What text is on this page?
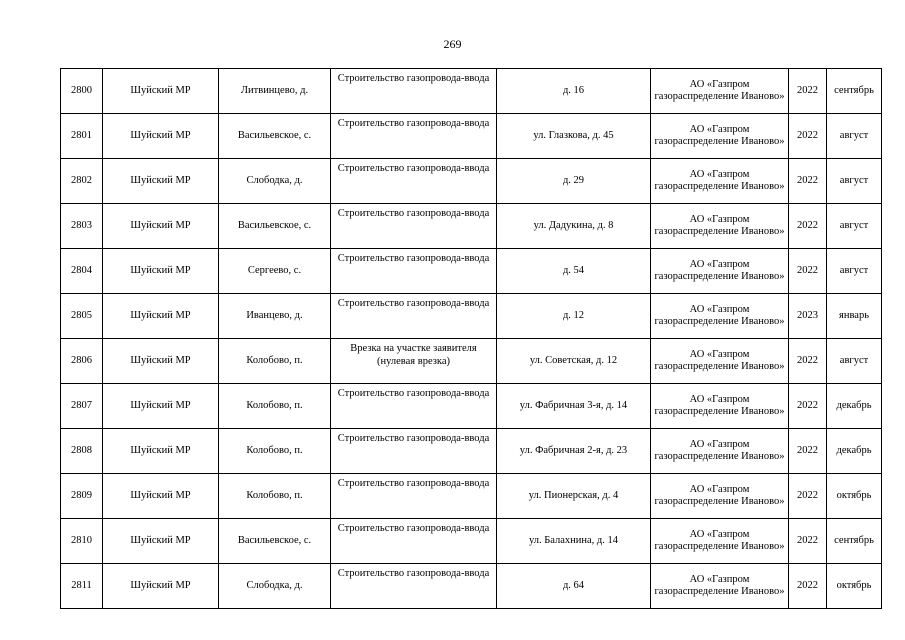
269
2800	Шуйский МР	Литвинцево, д.	Строительство газопровода-ввода	д. 16	АО «Газпром газораспределение Иваново»	2022	сентябрь
2801	Шуйский МР	Васильевское, с.	Строительство газопровода-ввода	ул. Глазкова, д. 45	АО «Газпром газораспределение Иваново»	2022	август
2802	Шуйский МР	Слободка, д.	Строительство газопровода-ввода	д. 29	АО «Газпром газораспределение Иваново»	2022	август
2803	Шуйский МР	Васильевское, с.	Строительство газопровода-ввода	ул. Дадукина, д. 8	АО «Газпром газораспределение Иваново»	2022	август
2804	Шуйский МР	Сергеево, с.	Строительство газопровода-ввода	д. 54	АО «Газпром газораспределение Иваново»	2022	август
2805	Шуйский МР	Иванцево, д.	Строительство газопровода-ввода	д. 12	АО «Газпром газораспределение Иваново»	2023	январь
2806	Шуйский МР	Колобово, п.	Врезка на участке заявителя (нулевая врезка)	ул. Советская, д. 12	АО «Газпром газораспределение Иваново»	2022	август
2807	Шуйский МР	Колобово, п.	Строительство газопровода-ввода	ул. Фабричная 3-я, д. 14	АО «Газпром газораспределение Иваново»	2022	декабрь
2808	Шуйский МР	Колобово, п.	Строительство газопровода-ввода	ул. Фабричная 2-я, д. 23	АО «Газпром газораспределение Иваново»	2022	декабрь
2809	Шуйский МР	Колобово, п.	Строительство газопровода-ввода	ул. Пионерская, д. 4	АО «Газпром газораспределение Иваново»	2022	октябрь
2810	Шуйский МР	Васильевское, с.	Строительство газопровода-ввода	ул. Балахнина, д. 14	АО «Газпром газораспределение Иваново»	2022	сентябрь
2811	Шуйский МР	Слободка, д.	Строительство газопровода-ввода	д. 64	АО «Газпром газораспределение Иваново»	2022	октябрь
